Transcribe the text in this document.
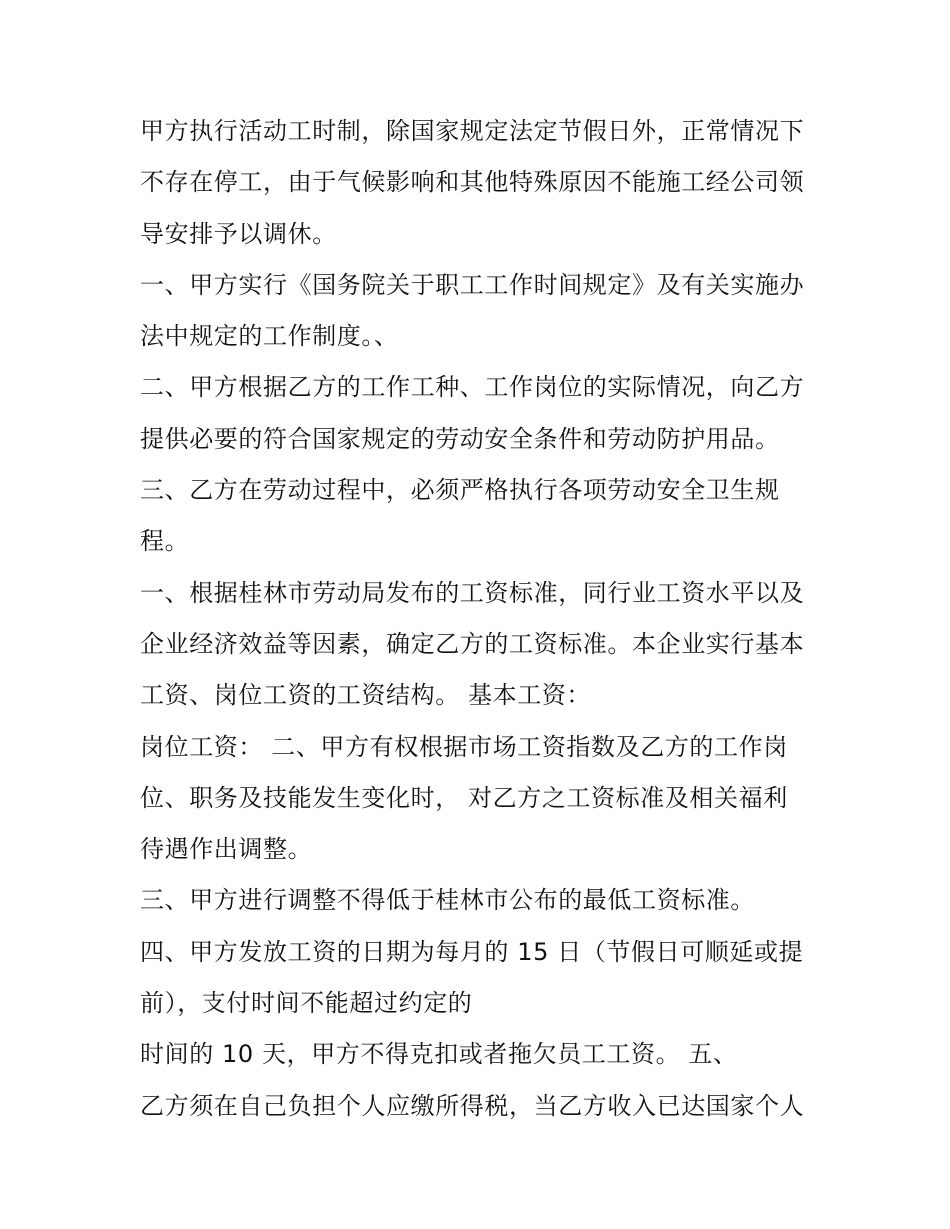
甲方执行活动工时制，除国家规定法定节假日外，正常情况下
不存在停工，由于气候影响和其他特殊原因不能施工经公司领
导安排予以调休。
一、甲方实行《国务院关于职工工作时间规定》及有关实施办
法中规定的工作制度。、
二、甲方根据乙方的工作工种、工作岗位的实际情况，向乙方
提供必要的符合国家规定的劳动安全条件和劳动防护用品。
三、乙方在劳动过程中，必须严格执行各项劳动安全卫生规
程。
一、根据桂林市劳动局发布的工资标准，同行业工资水平以及
企业经济效益等因素，确定乙方的工资标准。本企业实行基本
工资、岗位工资的工资结构。 基本工资：
岗位工资： 二、甲方有权根据市场工资指数及乙方的工作岗
位、职务及技能发生变化时， 对乙方之工资标准及相关福利
待遇作出调整。
三、甲方进行调整不得低于桂林市公布的最低工资标准。
四、甲方发放工资的日期为每月的 15 日（节假日可顺延或提
前），支付时间不能超过约定的
时间的 10 天，甲方不得克扣或者拖欠员工工资。 五、
乙方须在自己负担个人应缴所得税，当乙方收入已达国家个人
